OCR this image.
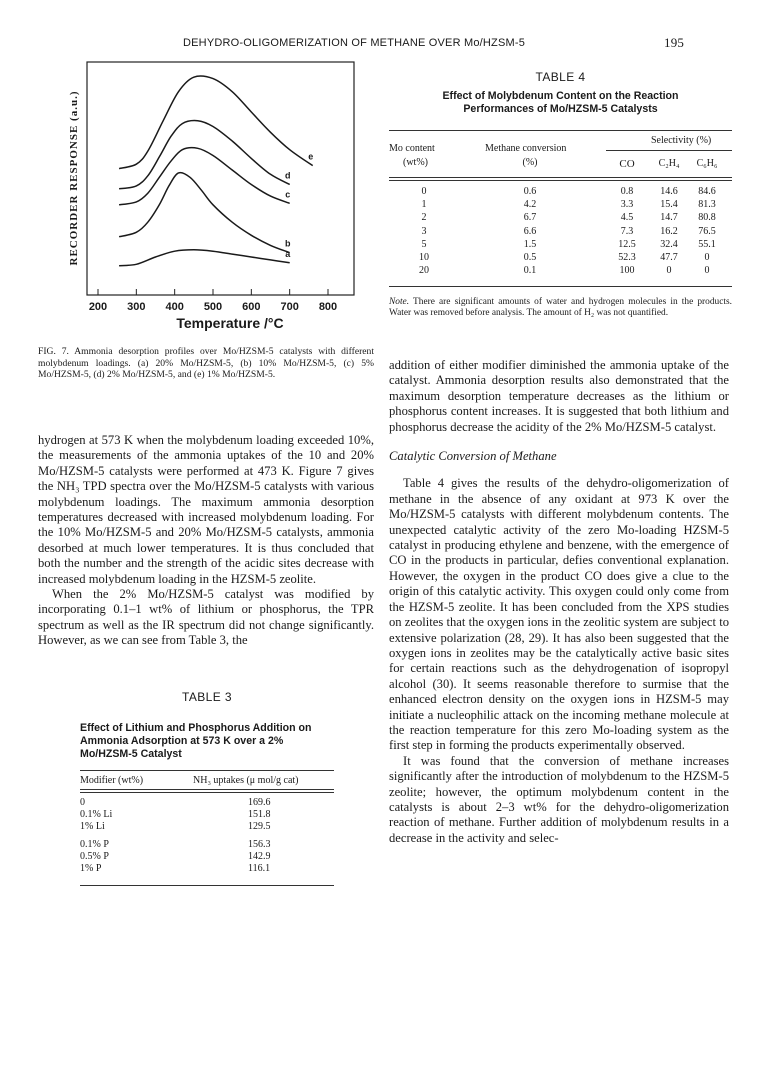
DEHYDRO-OLIGOMERIZATION OF METHANE OVER Mo/HZSM-5	195
RECORDER RESPONSE (a.u.)
200 300 400 500 600 700 800
e
d
c
b
a
Temperature /°C
FIG. 7. Ammonia desorption profiles over Mo/HZSM-5 catalysts with different molybdenum loadings. (a) 20% Mo/HZSM-5, (b) 10% Mo/HZSM-5, (c) 5% Mo/HZSM-5, (d) 2% Mo/HZSM-5, and (e) 1% Mo/HZSM-5.

hydrogen at 573 K when the molybdenum loading exceeded 10%, the measurements of the ammonia uptakes of the 10 and 20% Mo/HZSM-5 catalysts were performed at 473 K. Figure 7 gives the NH₃ TPD spectra over the Mo/HZSM-5 catalysts with various molybdenum loadings. The maximum ammonia desorption temperatures decreased with increased molybdenum loading. For the 10% Mo/HZSM-5 and 20% Mo/HZSM-5 catalysts, ammonia desorbed at much lower temperatures. It is thus concluded that both the number and the strength of the acidic sites decrease with increased molybdenum loading in the HZSM-5 zeolite.

When the 2% Mo/HZSM-5 catalyst was modified by incorporating 0.1–1 wt% of lithium or phosphorus, the TPR spectrum as well as the IR spectrum did not change significantly. However, as we can see from Table 3, the

TABLE 3
Effect of Lithium and Phosphorus Addition on Ammonia Adsorption at 573 K over a 2% Mo/HZSM-5 Catalyst
Modifier (wt%)	NH₃ uptakes (μ mol/g cat)
0	169.6
0.1% Li	151.8
1% Li	129.5
0.1% P	156.3
0.5% P	142.9
1% P	116.1
TABLE 4
Effect of Molybdenum Content on the Reaction
Performances of Mo/HZSM-5 Catalysts
Selectivity (%)
Mo content
(wt%)
Methane conversion
(%)	CO C₂H₄ C₆H₆
0	0.6	0.8	14.6 84.6
1	4.2	3.3	15.4 81.3
2	6.7	4.5	14.7 80.8
3	6.6	7.3	16.2 76.5
5	1.5	12.5 32.4 55.1
10	0.5	52.3 47.7	0
20	0.1	100	0	0
Note. There are significant amounts of water and hydrogen molecules in the products. Water was removed before analysis. The amount of H₂ was not quantified.

addition of either modifier diminished the ammonia uptake of the catalyst. Ammonia desorption results also demonstrated that the maximum desorption temperature decreases as the lithium or phosphorus content increases. It is suggested that both lithium and phosphorus decrease the acidity of the 2% Mo/HZSM-5 catalyst.

Catalytic Conversion of Methane

Table 4 gives the results of the dehydro-oligomerization of methane in the absence of any oxidant at 973 K over the Mo/HZSM-5 catalysts with different molybdenum contents. The unexpected catalytic activity of the zero Mo-loading HZSM-5 catalyst in producing ethylene and benzene, with the emergence of CO in the products in particular, defies conventional explanation. However, the oxygen in the product CO does give a clue to the origin of this catalytic activity. This oxygen could only come from the HZSM-5 zeolite. It has been concluded from the XPS studies on zeolites that the oxygen ions in the zeolitic system are subject to extensive polarization (28, 29). It has also been suggested that the oxygen ions in zeolites may be the catalytically active basic sites for certain reactions such as the dehydrogenation of isopropyl alcohol (30). It seems reasonable therefore to surmise that the enhanced electron density on the oxygen ions in HZSM-5 may initiate a nucleophilic attack on the incoming methane molecule at the reaction temperature for this zero Mo-loading system as the first step in forming the products experimentally observed.

It was found that the conversion of methane increases significantly after the introduction of molybdenum to the HZSM-5 zeolite; however, the optimum molybdenum content in the catalysts is about 2–3 wt% for the dehydro-oligomerization reaction of methane. Further addition of molybdenum results in a decrease in the activity and selec-
